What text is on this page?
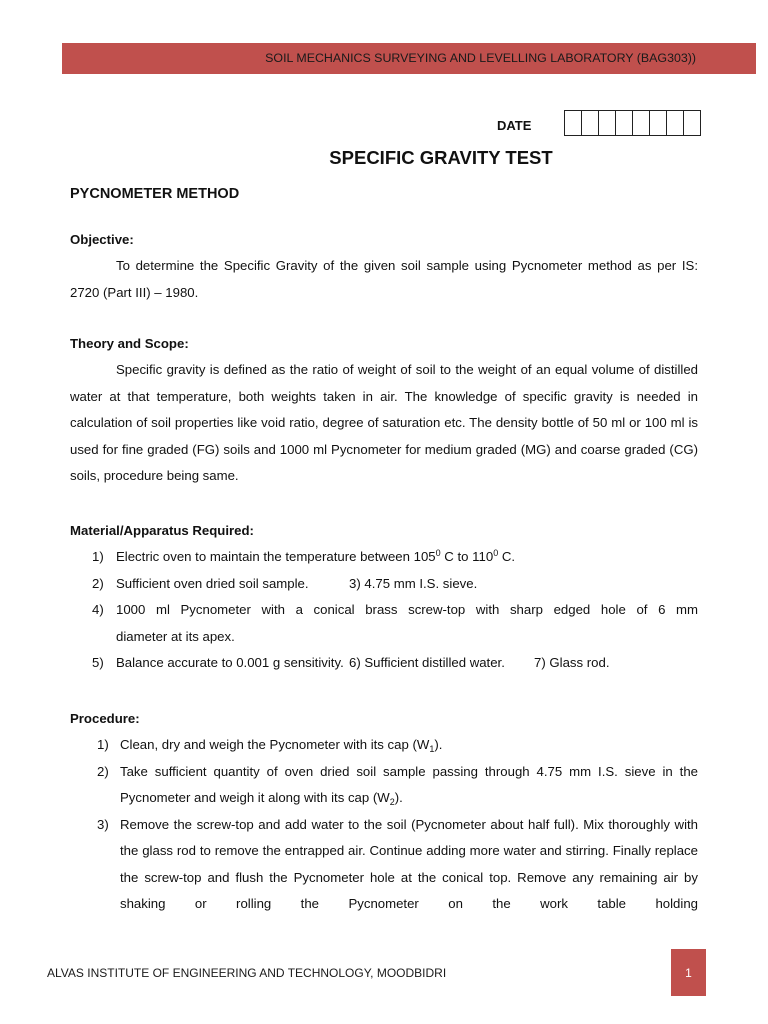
SOIL MECHANICS SURVEYING AND LEVELLING LABORATORY (BAG303))
DATE
SPECIFIC GRAVITY TEST
PYCNOMETER METHOD
Objective:

To determine the Specific Gravity of the given soil sample using Pycnometer method as per IS: 2720 (Part III) – 1980.

Theory and Scope:

Specific gravity is defined as the ratio of weight of soil to the weight of an equal volume of distilled water at that temperature, both weights taken in air. The knowledge of specific gravity is needed in calculation of soil properties like void ratio, degree of saturation etc. The density bottle of 50 ml or 100 ml is used for fine graded (FG) soils and 1000 ml Pycnometer for medium graded (MG) and coarse graded (CG) soils, procedure being same.

Material/Apparatus Required:
1) Electric oven to maintain the temperature between $105^0$ C to $110^0$ C.
2) Sufficient oven dried soil sample.	3) 4.75 mm I.S. sieve.
4) 1000 ml Pycnometer with a conical brass screw-top with sharp edged hole of 6 mm
diameter at its apex.
5) Balance accurate to 0.001 g sensitivity. 6) Sufficient distilled water. 7) Glass rod.
Procedure:
1) Clean, dry and weigh the Pycnometer with its cap $(W_1)$.
2) Take sufficient quantity of oven dried soil sample passing through 4.75 mm I.S. sieve in the Pycnometer and weigh it along with its cap $(W_2)$.
3) Remove the screw-top and add water to the soil (Pycnometer about half full). Mix thoroughly with the glass rod to remove the entrapped air. Continue adding more water and stirring. Finally replace the screw-top and flush the Pycnometer hole at the conical top. Remove any remaining air by shaking or rolling the Pycnometer on the work table holding
ALVAS INSTITUTE OF ENGINEERING AND TECHNOLOGY, MOODBIDRI	1
